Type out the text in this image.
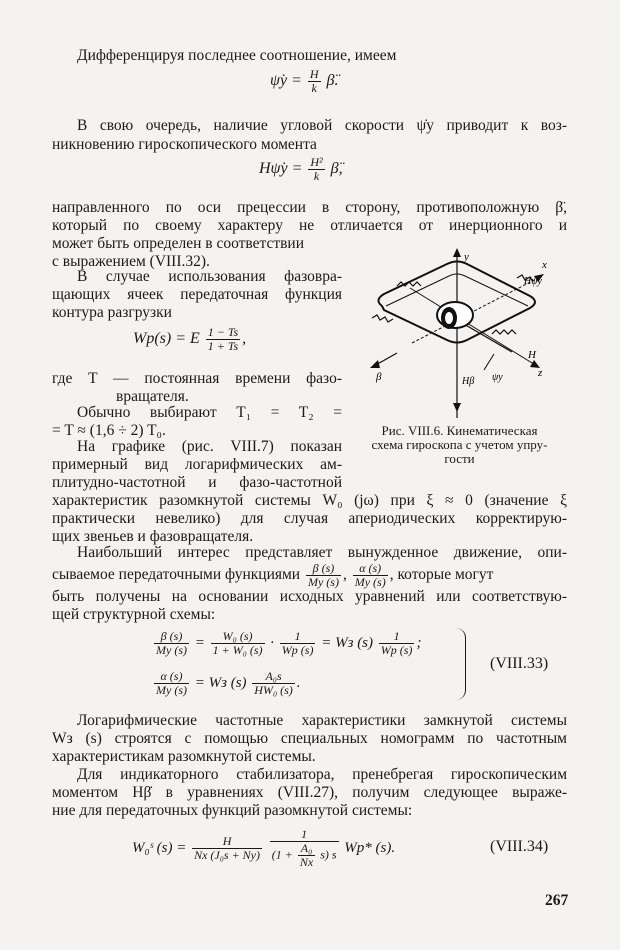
Дифференцируя последнее соотношение, имеем
ψ̇y = $\frac{H}{k}$ β̈.
В свою очередь, наличие угловой скорости ψ̇y приводит к воз-
никновению гироскопического момента
Hψ̇y = $\frac{\text{H²}}{k}$ β̈,
направленного по оси прецессии в сторону, противоположную β̈,
который по своему характеру не отличается от инерционного и
может быть определен в соответствии
с выражением (VIII.32).
В случае использования фазовра-
щающих ячеек передаточная функция
контура разгрузки
Wp(s) = E $\frac{1 - Ts}{1 + Ts}$ ,
где T — постоянная времени фазо-
вращателя.
Обычно выбирают T₁ = T₂ =
= T ≈ (1,6 ÷ 2) T₀.
На графике (рис. VIII.7) показан
примерный вид логарифмических ам-
плитудно-частотной и фазо-частотной
y
x
Hψy
H
z
β	Hβ ψy
Рис. VIII.6. Кинематическая
схема гироскопа с учетом упру-
гости
характеристик разомкнутой системы W₀ (jω) при ξ ≈ 0 (значение ξ
практически невелико) для случая апериодических корректирую-
щих звеньев и фазовращателя.
Наибольший интерес представляет вынужденное движение, опи-
сываемое передаточными функциями $\frac{\beta (s)}{My (s)}$ , $\frac{\alpha (s)}{My (s)}$ , которые могут
быть получены на основании исходных уравнений или соответствую-
щей структурной схемы:
$\frac{\beta (s)}{My (s)} = \frac{\text{W₀ (s)}}{\text{1 + W₀ (s)}} \cdot \frac{1}{Wp (s)}$ = Wз $(s) \frac{1}{Wp (s)}$ ;
$\frac{\alpha (s)}{My (s)}$ = Wз $(s) \frac{\text{A₀s}}{\text{HW₀ (s)}}$ .
(VIII.33)
Логарифмические частотные характеристики замкнутой системы
Wз (s) строятся с помощью специальных номограмм по частотным
характеристикам разомкнутой системы.
Для индикаторного стабилизатора, пренебрегая гироскопическим
моментом Hβ̇ в уравнениях (VIII.27), получим следующее выраже-
ние для передаточных функций разомкнутой системы:
W₀ˢ $(s) = \frac{H}{\text{Nx (J₀s + Ny)}}$
$\frac{1}{(1 + \frac{\text{A₀}}{Nx} s) s} Wp*$ (s).	(VIII.34)
267
